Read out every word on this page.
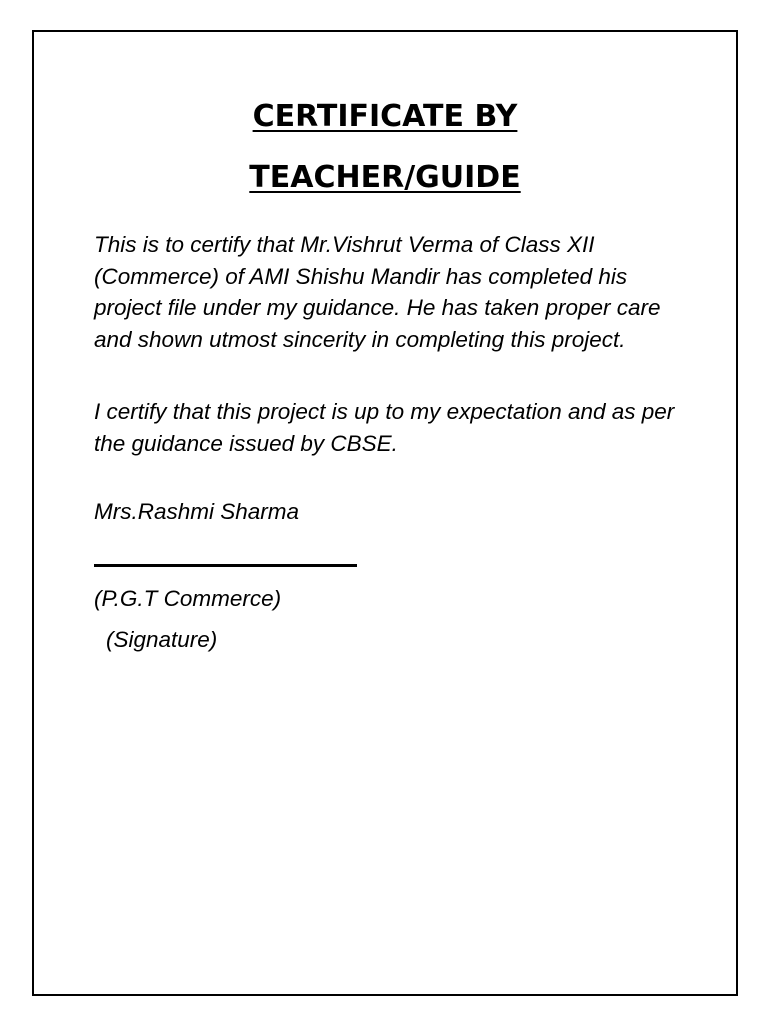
CERTIFICATE BY
TEACHER/GUIDE

This is to certify that Mr.Vishrut Verma of Class XII (Commerce) of AMI Shishu Mandir has completed his project file under my guidance. He has taken proper care and shown utmost sincerity in completing this project.

I certify that this project is up to my expectation and as per the guidance issued by CBSE.

Mrs.Rashmi Sharma

(P.G.T Commerce)

(Signature)
